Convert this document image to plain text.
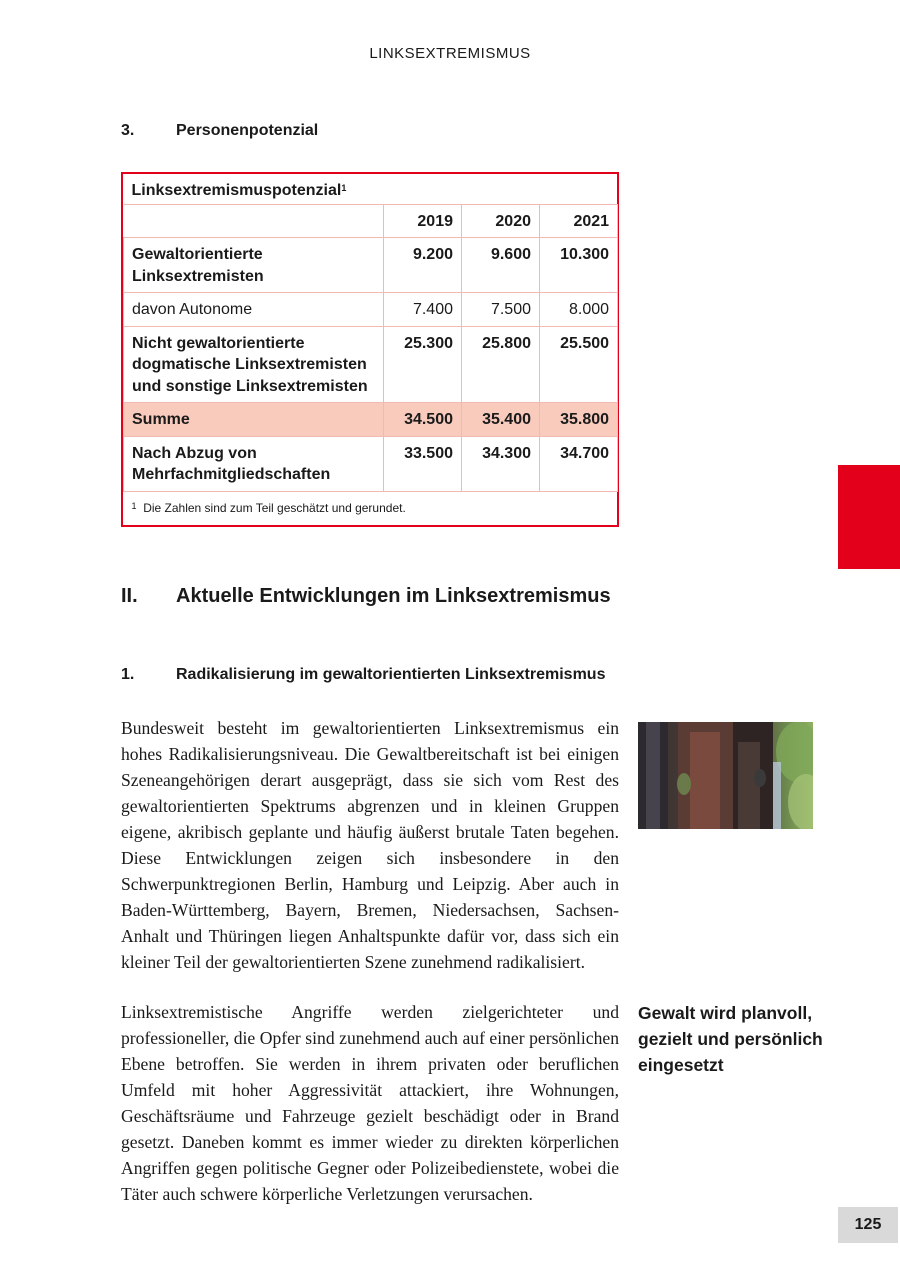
LINKSEXTREMISMUS
3.	Personenpotenzial
Linksextremismuspotenzial$^1$
	2019	2020	2021
Gewaltorientierte Linksextremisten	9.200	9.600	10.300
davon Autonome	7.400	7.500	8.000
Nicht gewaltorientierte dogmatische Linksextremisten und sonstige Linksextremisten	25.300	25.800	25.500
Summe	34.500	35.400	35.800
Nach Abzug von Mehrfachmitgliedschaften	33.500	34.300	34.700
$^1$ Die Zahlen sind zum Teil geschätzt und gerundet.			
II. Aktuelle Entwicklungen im Linksextremismus
1.	Radikalisierung im gewaltorientierten Linksextremismus
Bundesweit besteht im gewaltorientierten Linksextremismus ein hohes Radikalisierungsniveau. Die Gewaltbereitschaft ist bei einigen Szeneangehörigen derart ausgeprägt, dass sie sich vom Rest des gewaltorientierten Spektrums abgrenzen und in kleinen Gruppen eigene, akribisch geplante und häufig äußerst brutale Taten begehen. Diese Entwicklungen zeigen sich insbesondere in den Schwerpunktregionen Berlin, Hamburg und Leipzig. Aber auch in Baden-Württemberg, Bayern, Bremen, Niedersachsen, Sachsen-Anhalt und Thüringen liegen Anhaltspunkte dafür vor, dass sich ein kleiner Teil der gewaltorientierten Szene zunehmend radikalisiert.
Linksextremistische Angriffe werden zielgerichteter und professioneller, die Opfer sind zunehmend auch auf einer persönlichen Ebene betroffen. Sie werden in ihrem privaten oder beruflichen Umfeld mit hoher Aggressivität attackiert, ihre Wohnungen, Geschäftsräume und Fahrzeuge gezielt beschädigt oder in Brand gesetzt. Daneben kommt es immer wieder zu direkten körperlichen Angriffen gegen politische Gegner oder Polizeibedienstete, wobei die Täter auch schwere körperliche Verletzungen verursachen.
Gewalt wird planvoll, gezielt und persönlich eingesetzt
125
